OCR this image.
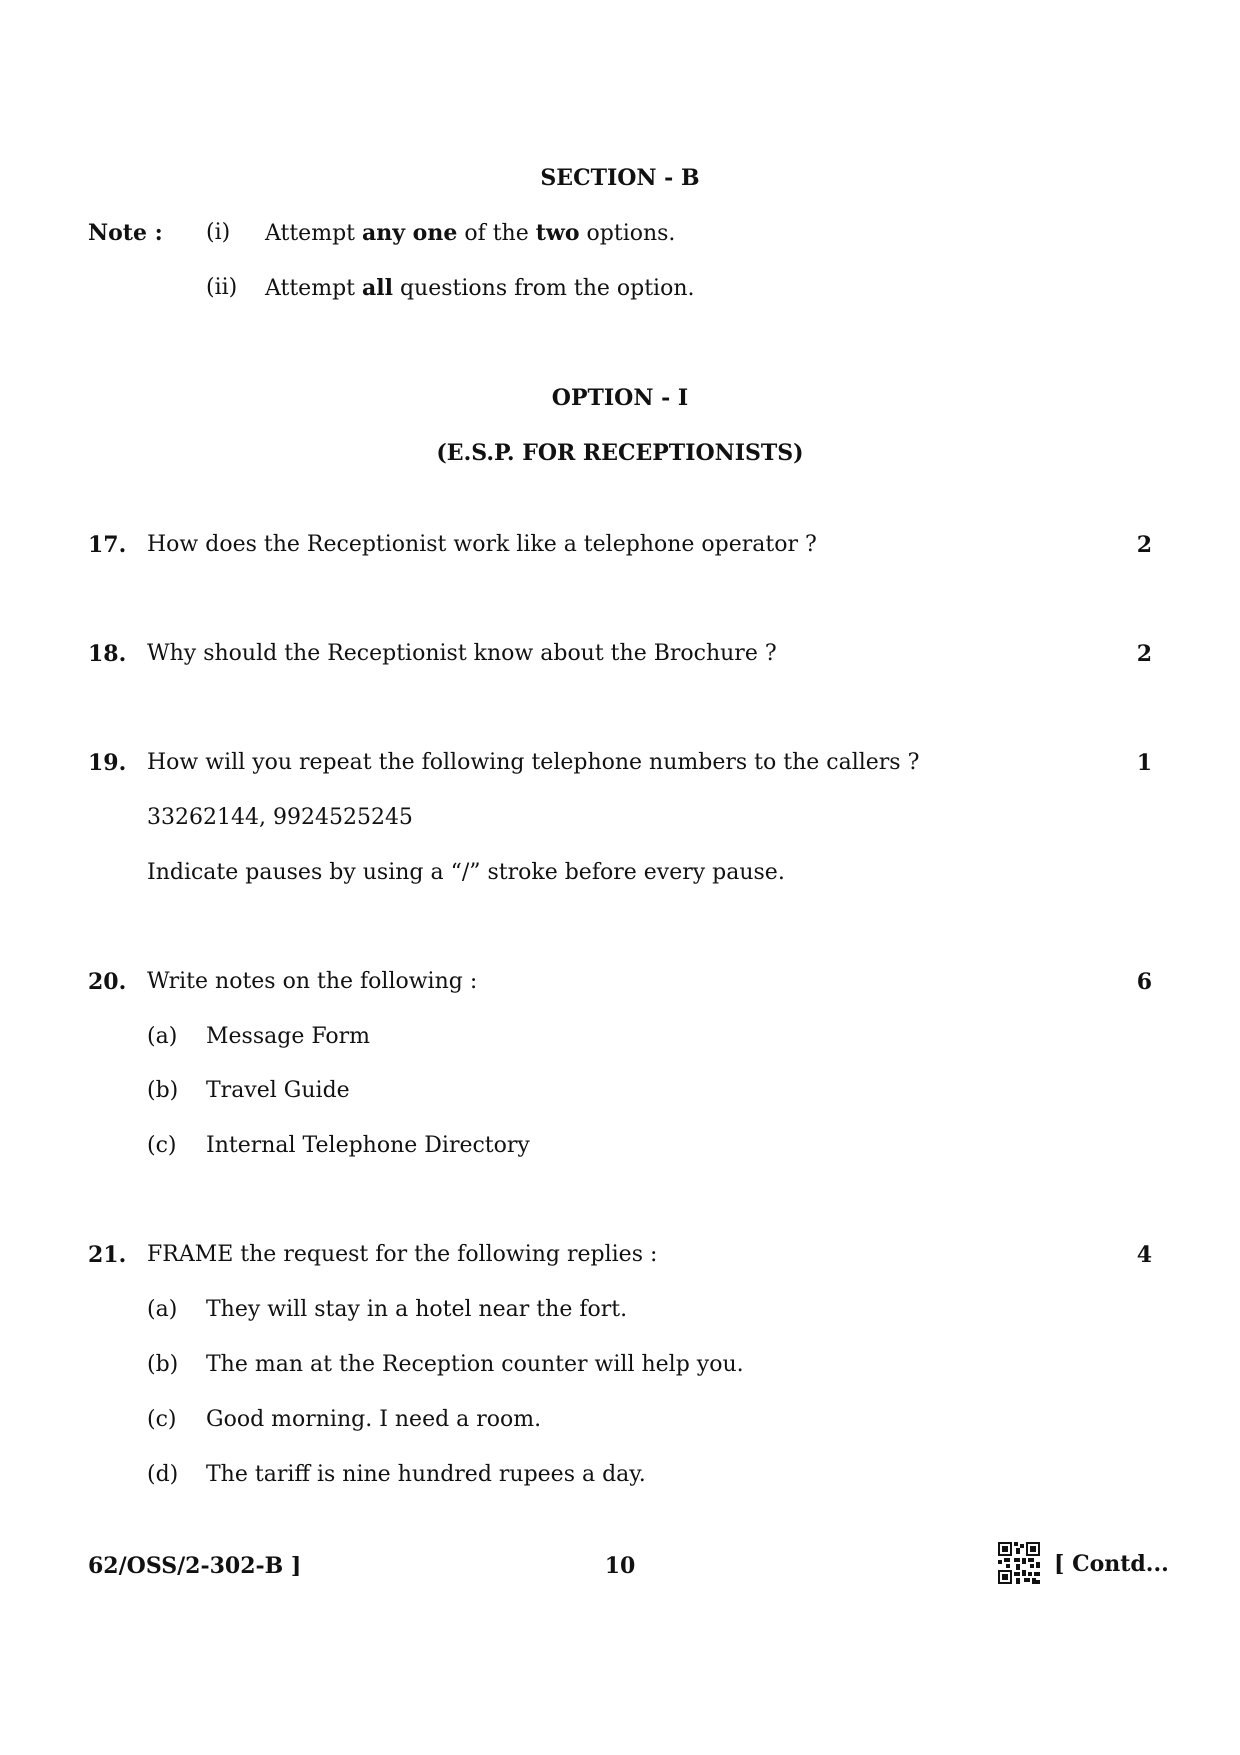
SECTION - B
Note : (i) Attempt any one of the two options.
(ii) Attempt all questions from the option.
OPTION - I
(E.S.P. FOR RECEPTIONISTS)
17. How does the Receptionist work like a telephone operator ?	2
18. Why should the Receptionist know about the Brochure ?	2
19. How will you repeat the following telephone numbers to the callers ?	1
33262144, 9924525245
Indicate pauses by using a “/” stroke before every pause.
20. Write notes on the following :	6
(a) Message Form
(b) Travel Guide
(c) Internal Telephone Directory
21. FRAME the request for the following replies :	4
(a) They will stay in a hotel near the fort.
(b) The man at the Reception counter will help you.
(c) Good morning. I need a room.
(d) The tariff is nine hundred rupees a day.
62/OSS/2-302-B ]	10	[ Contd...
